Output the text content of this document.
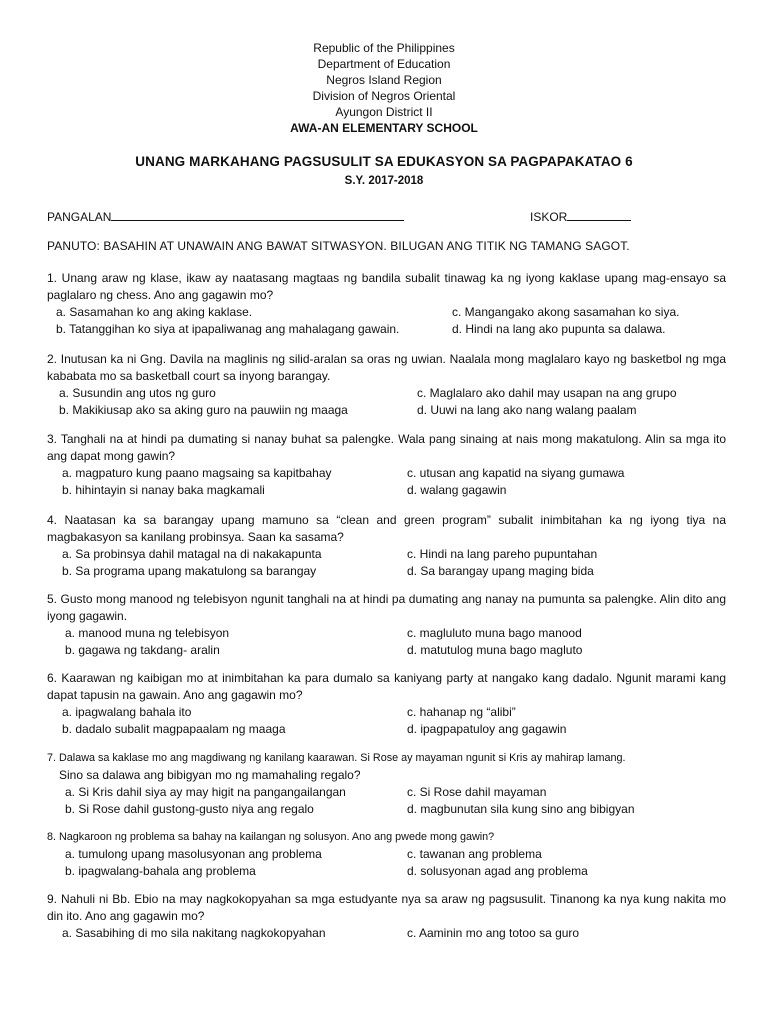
Republic of the Philippines
Department of Education
Negros Island Region
Division of Negros Oriental
Ayungon District II
AWA-AN ELEMENTARY SCHOOL
UNANG MARKAHANG PAGSUSULIT SA EDUKASYON SA PAGPAPAKATAO 6
S.Y. 2017-2018
PANGALAN	ISKOR
PANUTO: BASAHIN AT UNAWAIN ANG BAWAT SITWASYON. BILUGAN ANG TITIK NG TAMANG SAGOT.
1. Unang araw ng klase, ikaw ay naatasang magtaas ng bandila subalit tinawag ka ng iyong kaklase upang mag-ensayo sa paglalaro ng chess. Ano ang gagawin mo?
a. Sasamahan ko ang aking kaklase.	c. Mangangako akong sasamahan ko siya.
b. Tatanggihan ko siya at ipapaliwanag ang mahalagang gawain.	d. Hindi na lang ako pupunta sa dalawa.
2. Inutusan ka ni Gng. Davila na maglinis ng silid-aralan sa oras ng uwian. Naalala mong maglalaro kayo ng basketbol ng mga kababata mo sa basketball court sa inyong barangay.
a. Susundin ang utos ng guro	c. Maglalaro ako dahil may usapan na ang grupo
b. Makikiusap ako sa aking guro na pauwiin ng maaga	d. Uuwi na lang ako nang walang paalam
3. Tanghali na at hindi pa dumating si nanay buhat sa palengke. Wala pang sinaing at nais mong makatulong. Alin sa mga ito ang dapat mong gawin?
a. magpaturo kung paano magsaing sa kapitbahay	c. utusan ang kapatid na siyang gumawa
b. hihintayin si nanay baka magkamali	d. walang gagawin
4. Naatasan ka sa barangay upang mamuno sa “clean and green program” subalit inimbitahan ka ng iyong tiya na magbakasyon sa kanilang probinsya. Saan ka sasama?
a. Sa probinsya dahil matagal na di nakakapunta	c. Hindi na lang pareho pupuntahan
b. Sa programa upang makatulong sa barangay	d. Sa barangay upang maging bida
5. Gusto mong manood ng telebisyon ngunit tanghali na at hindi pa dumating ang nanay na pumunta sa palengke. Alin dito ang iyong gagawin.
a. manood muna ng telebisyon	c. magluluto muna bago manood
b. gagawa ng takdang- aralin	d. matutulog muna bago magluto
6. Kaarawan ng kaibigan mo at inimbitahan ka para dumalo sa kaniyang party at nangako kang dadalo. Ngunit marami kang dapat tapusin na gawain. Ano ang gagawin mo?
a. ipagwalang bahala ito	c. hahanap ng “alibi”
b. dadalo subalit magpapaalam ng maaga	d. ipagpapatuloy ang gagawin
7. Dalawa sa kaklase mo ang magdiwang ng kanilang kaarawan. Si Rose ay mayaman ngunit si Kris ay mahirap lamang.
Sino sa dalawa ang bibigyan mo ng mamahaling regalo?
a. Si Kris dahil siya ay may higit na pangangailangan	c. Si Rose dahil mayaman
b. Si Rose dahil gustong-gusto niya ang regalo	d. magbunutan sila kung sino ang bibigyan
8. Nagkaroon ng problema sa bahay na kailangan ng solusyon. Ano ang pwede mong gawin?
a. tumulong upang masolusyonan ang problema	c. tawanan ang problema
b. ipagwalang-bahala ang problema	d. solusyonan agad ang problema
9. Nahuli ni Bb. Ebio na may nagkokopyahan sa mga estudyante nya sa araw ng pagsusulit. Tinanong ka nya kung nakita mo din ito. Ano ang gagawin mo?
a. Sasabihing di mo sila nakitang nagkokopyahan	c. Aaminin mo ang totoo sa guro
